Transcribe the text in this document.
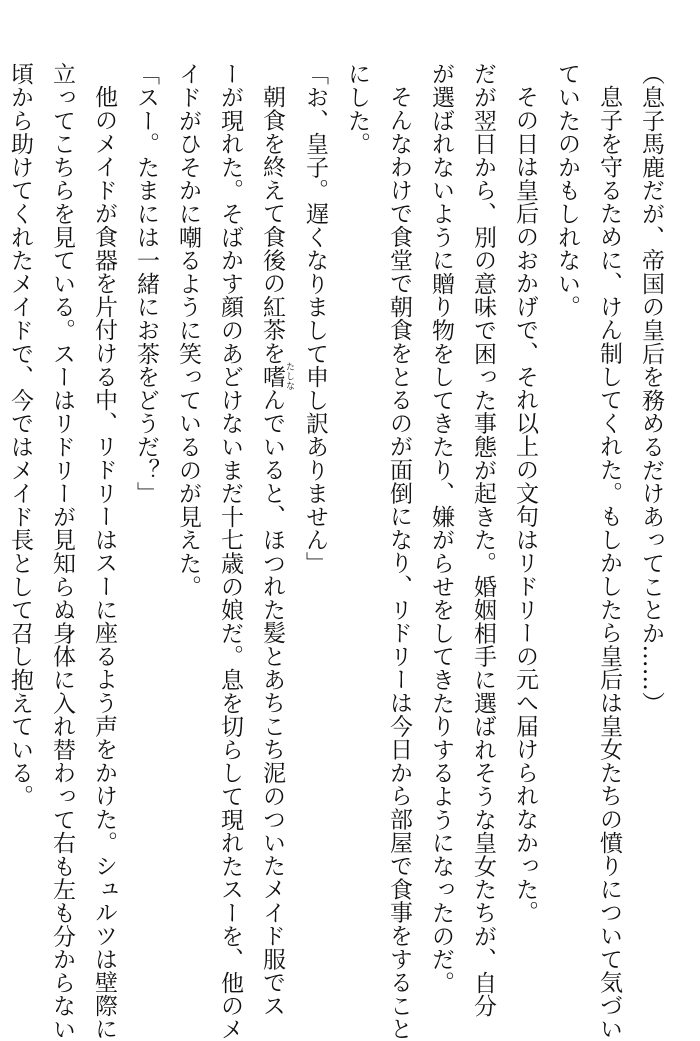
（息子馬鹿だが、帝国の皇后を務めるだけあってことか……）
息子を守るために、けん制してくれた。もしかしたら皇后は皇女たちの憤りについて気づい
ていたのかもしれない。
その日は皇后のおかげで、それ以上の文句はリドリーの元へ届けられなかった。
だが翌日から、別の意味で困った事態が起きた。婚姻相手に選ばれそうな皇女たちが、自分
が選ばれないように贈り物をしてきたり、嫌がらせをしてきたりするようになったのだ。
そんなわけで食堂で朝食をとるのが面倒になり、リドリーは今日から部屋で食事をすること
にした。
「お、皇子。遅くなりまして申し訳ありません」
朝食を終えて食後の紅茶を嗜 たしなんでいると、ほつれた髪とあちこち泥のついたメイド服でス
ーが現れた。そばかす顔のあどけないまだ十七歳の娘だ。息を切らして現れたスーを、他のメ
イドがひそかに嘲るように笑っているのが見えた。
「スー。たまには一緒にお茶をどうだ？」
他のメイドが食器を片付ける中、リドリーはスーに座るよう声をかけた。シュルツは壁際に
立ってこちらを見ている。スーはリドリーが見知らぬ身体に入れ替わって右も左も分からない
頃から助けてくれたメイドで、今ではメイド長として召し抱えている。
